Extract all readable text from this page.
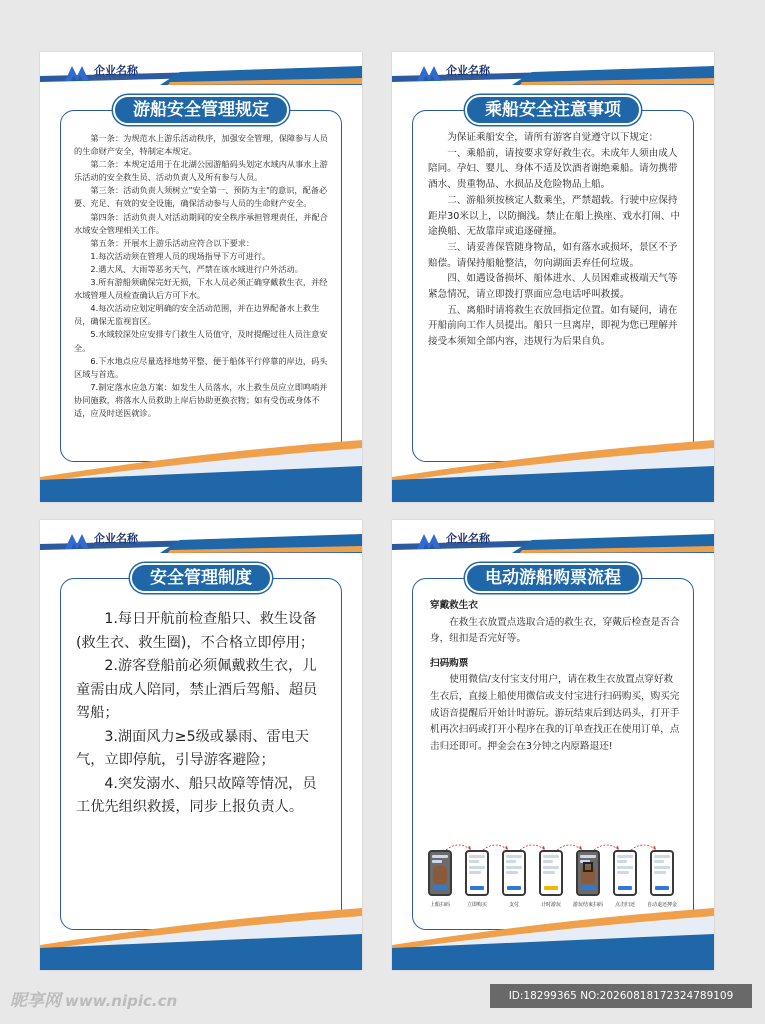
企业名称
QIYE MINGCHENG
游船安全管理规定
第一条：为规范水上游乐活动秩序，加强安全管理，保障参与人员的生命财产安全，特制定本规定。
第二条：本规定适用于在北湖公园游船码头划定水域内从事水上游乐活动的安全救生员、活动负责人及所有参与人员。
第三条：活动负责人须树立"安全第一、预防为主"的意识，配备必要、充足、有效的安全设施，确保活动参与人员的生命财产安全。
第四条：活动负责人对活动期间的安全秩序承担管理责任，并配合水域安全管理相关工作。
第五条：开展水上游乐活动应符合以下要求：
1.每次活动须在管理人员的现场指导下方可进行。
2.遇大风、大雨等恶劣天气，严禁在该水域进行户外活动。
3.所有游船须确保完好无损，下水人员必须正确穿戴救生衣，并经水域管理人员检查确认后方可下水。
4.每次活动应划定明确的安全活动范围，并在边界配备水上救生员，确保无监视盲区。
5.水域较深处应安排专门救生人员值守，及时提醒过往人员注意安全。
6.下水地点应尽量选择地势平整、便于船体平行停靠的岸边，码头区域与首选。
7.制定落水应急方案：如发生人员落水，水上救生员应立即鸣哨并协同施救，将落水人员救助上岸后协助更换衣物；如有受伤或身体不适，应及时送医就诊。
企业名称
QIYE MINGCHENG
乘船安全注意事项
为保证乘船安全，请所有游客自觉遵守以下规定：
一、乘船前，请按要求穿好救生衣。未成年人须由成人陪同。孕妇、婴儿、身体不适及饮酒者谢绝乘船。请勿携带酒水、贵重物品、水损品及危险物品上船。
二、游船须按核定人数乘坐，严禁超载。行驶中应保持距岸30米以上，以防搁浅。禁止在船上换座、戏水打闹、中途换船、无故靠岸或追逐碰撞。
三、请妥善保管随身物品，如有落水或损坏，景区不予赔偿。请保持船舱整洁，勿向湖面丢弃任何垃圾。
四、如遇设备损坏、船体进水、人员困难或极端天气等紧急情况，请立即拨打票面应急电话呼叫救援。
五、离船时请将救生衣放回指定位置。如有疑问，请在开船前向工作人员提出。船只一旦离岸，即视为您已理解并接受本须知全部内容，违规行为后果自负。
企业名称
QIYE MINGCHENG
安全管理制度
1.每日开航前检查船只、救生设备(救生衣、救生圈)，不合格立即停用；
2.游客登船前必须佩戴救生衣，儿童需由成人陪同，禁止酒后驾船、超员驾船；
3.湖面风力≥5级或暴雨、雷电天气，立即停航，引导游客避险；
4.突发溺水、船只故障等情况，员工优先组织救援，同步上报负责人。
企业名称
QIYE MINGCHENG
电动游船购票流程
穿戴救生衣
在救生衣放置点选取合适的救生衣，穿戴后检查是否合身，纽扣是否完好等。
扫码购票
使用微信/支付宝支付用户，请在救生衣放置点穿好救生衣后，直接上船使用微信或支付宝进行扫码购买，购买完成语音提醒后开始计时游玩。游玩结束后到达码头，打开手机再次扫码或打开小程序在我的订单查找正在使用订单，点击归还即可。押金会在3分钟之内原路退还!
上船扫码	立即购买	支付	计时游玩	游玩结束扫码	点击归还	自动退还押金
昵享网 www.nipic.cn	ID:18299365 NO:20260818172324789109
